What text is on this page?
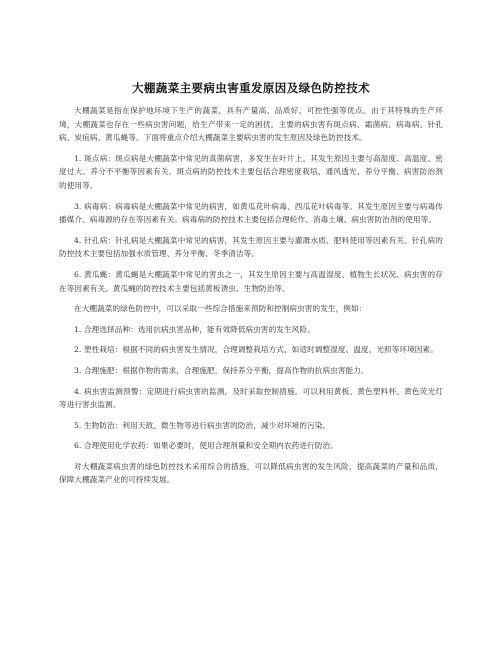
大棚蔬菜主要病虫害重发原因及绿色防控技术

大棚蔬菜是指在保护地环境下生产的蔬菜，具有产量高、品质好、可控性强等优点。由于其特殊的生产环境，大棚蔬菜也存在一些病虫害问题，给生产带来一定的困扰。主要的病虫害有斑点病、霜菌病、病毒病、针孔病、炭疽病、黄瓜蝇等。下面将重点介绍大棚蔬菜主要病虫害的发生原因及绿色防控技术。

1. 斑点病：斑点病是大棚蔬菜中常见的真菌病害，多发生在叶片上。其发生原因主要与高湿度、高温度、密度过大、养分不平衡等因素有关。斑点病的防控技术主要包括合理密度栽培、通风透光、养分平衡、病害防治剂的使用等。

3. 病毒病：病毒病是大棚蔬菜中常见的病害，如黄瓜花叶病毒、西瓜花叶病毒等。其发生原因主要与病毒传播媒介、病毒源的存在等因素有关。病毒病的防控技术主要包括合理轮作、消毒土壤、病虫害防治剂的使用等。

4. 针孔病：针孔病是大棚蔬菜中常见的病害，其发生原因主要与灌溉水质、肥料使用等因素有关。针孔病的防控技术主要包括加强水质管理、养分平衡、冬季清洁等。

6. 黄瓜蝇：黄瓜蝇是大棚蔬菜中常见的害虫之一，其发生原因主要与高温湿度、植物生长状况、病虫害的存在等因素有关。黄瓜蝇的防控技术主要包括黄板诱虫、生物防治等。

在大棚蔬菜的绿色防控中，可以采取一些综合措施来预防和控制病虫害的发生，例如：

1. 合理选择品种：选用抗病虫害品种，能有效降低病虫害的发生风险。

2. 塑性栽培：根据不同的病虫害发生情况，合理调整栽培方式，如适时调整湿度、温度、光照等环境因素。

3. 合理施肥：根据作物的需求，合理施肥，保持养分平衡，提高作物的抗病虫害能力。

4. 病虫害监测预警：定期进行病虫害的监测，及时采取控制措施。可以利用黄板、黄色塑料杯、黄色荧光灯等进行害虫监测。

5. 生物防治：利用天敌、微生物等进行病虫害的防治，减少对环境的污染。

6. 合理使用化学农药：如果必要时，使用合理剂量和安全期内农药进行防治。

对大棚蔬菜病虫害的绿色防控技术采用综合的措施，可以降低病虫害的发生风险，提高蔬菜的产量和品质，保障大棚蔬菜产业的可持续发展。
